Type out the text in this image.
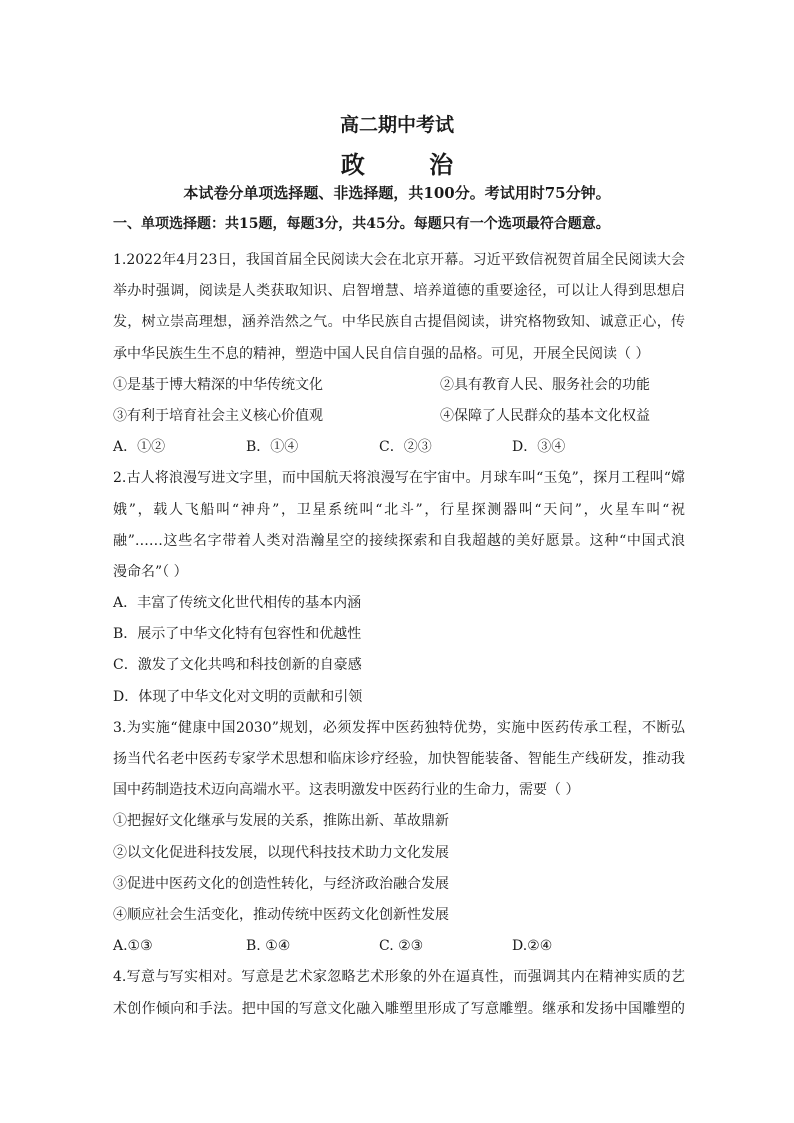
高二期中考试
政 治
本试卷分单项选择题、非选择题，共100分。考试用时75分钟。
一、单项选择题：共15题，每题3分，共45分。每题只有一个选项最符合题意。
1.2022年4月23日，我国首届全民阅读大会在北京开幕。习近平致信祝贺首届全民阅读大会
举办时强调，阅读是人类获取知识、启智增慧、培养道德的重要途径，可以让人得到思想启
发，树立崇高理想，涵养浩然之气。中华民族自古提倡阅读，讲究格物致知、诚意正心，传
承中华民族生生不息的精神，塑造中国人民自信自强的品格。可见，开展全民阅读（ ）
①是基于博大精深的中华传统文化	②具有教育人民、服务社会的功能
③有利于培育社会主义核心价值观	④保障了人民群众的基本文化权益
A．①②	B．①④	C．②③	D．③④
2.古人将浪漫写进文字里，而中国航天将浪漫写在宇宙中。月球车叫“玉兔”，探月工程叫“嫦
娥”，载人飞船叫“神舟”，卫星系统叫“北斗”，行星探测器叫“天问”，火星车叫“祝
融”……这些名字带着人类对浩瀚星空的接续探索和自我超越的美好愿景。这种“中国式浪
漫命名”（ ）
A．丰富了传统文化世代相传的基本内涵
B．展示了中华文化特有包容性和优越性
C．激发了文化共鸣和科技创新的自豪感
D．体现了中华文化对文明的贡献和引领
3.为实施“健康中国2030”规划，必须发挥中医药独特优势，实施中医药传承工程，不断弘
扬当代名老中医药专家学术思想和临床诊疗经验，加快智能装备、智能生产线研发，推动我
国中药制造技术迈向高端水平。这表明激发中医药行业的生命力，需要（ ）
①把握好文化继承与发展的关系，推陈出新、革故鼎新
②以文化促进科技发展，以现代科技技术助力文化发展
③促进中医药文化的创造性转化，与经济政治融合发展
④顺应社会生活变化，推动传统中医药文化创新性发展
A.①③	B. ①④	C. ②③	D.②④
4.写意与写实相对。写意是艺术家忽略艺术形象的外在逼真性，而强调其内在精神实质的艺
术创作倾向和手法。把中国的写意文化融入雕塑里形成了写意雕塑。继承和发扬中国雕塑的
